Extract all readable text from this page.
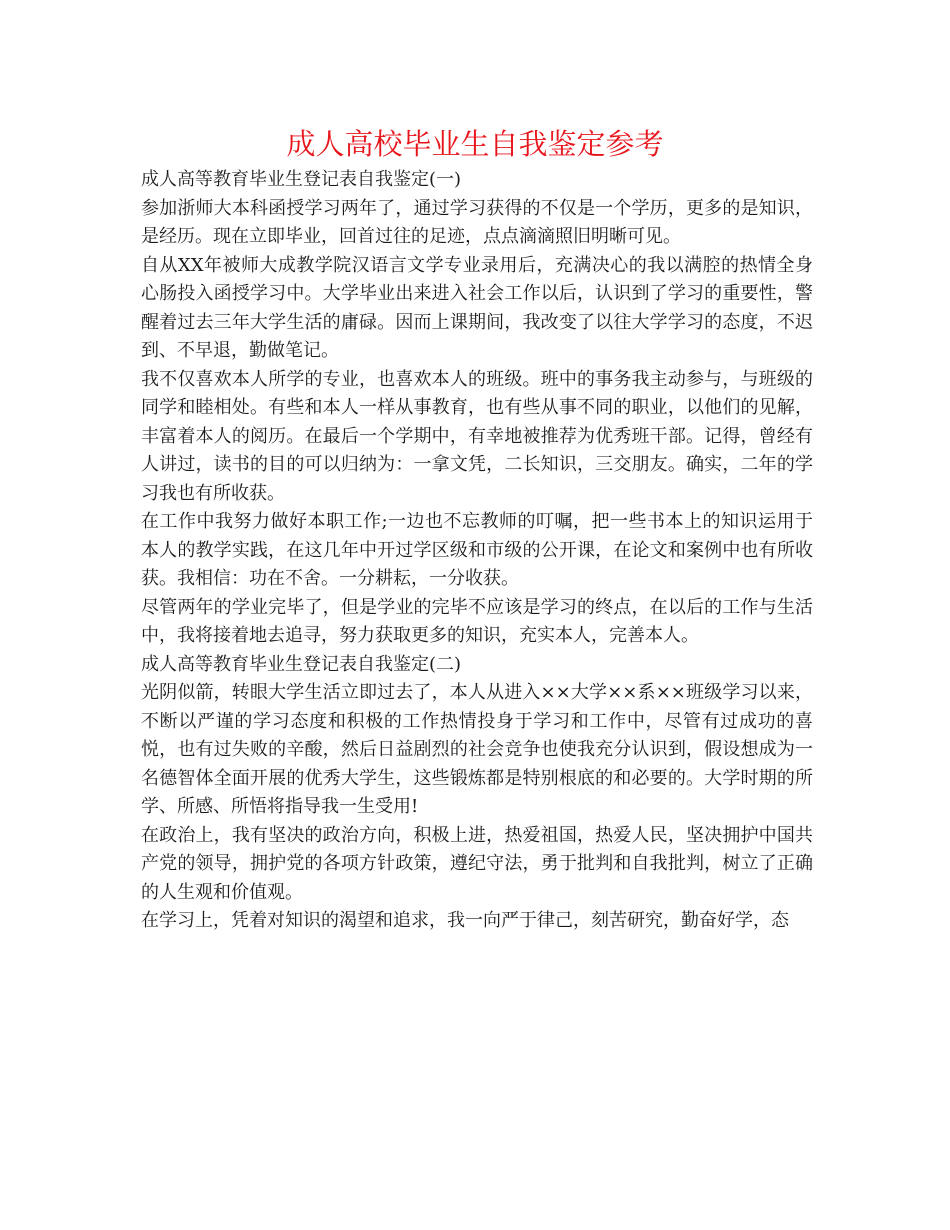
成人高校毕业生自我鉴定参考

成人高等教育毕业生登记表自我鉴定(一)

参加浙师大本科函授学习两年了，通过学习获得的不仅是一个学历，更多的是知识，是经历。现在立即毕业，回首过往的足迹，点点滴滴照旧明晰可见。

自从XX年被师大成教学院汉语言文学专业录用后，充满决心的我以满腔的热情全身心肠投入函授学习中。大学毕业出来进入社会工作以后，认识到了学习的重要性，警醒着过去三年大学生活的庸碌。因而上课期间，我改变了以往大学学习的态度，不迟到、不早退，勤做笔记。

我不仅喜欢本人所学的专业，也喜欢本人的班级。班中的事务我主动参与，与班级的同学和睦相处。有些和本人一样从事教育，也有些从事不同的职业，以他们的见解，丰富着本人的阅历。在最后一个学期中，有幸地被推荐为优秀班干部。记得，曾经有人讲过，读书的目的可以归纳为：一拿文凭，二长知识，三交朋友。确实，二年的学习我也有所收获。

在工作中我努力做好本职工作;一边也不忘教师的叮嘱，把一些书本上的知识运用于本人的教学实践，在这几年中开过学区级和市级的公开课，在论文和案例中也有所收获。我相信：功在不舍。一分耕耘，一分收获。

尽管两年的学业完毕了，但是学业的完毕不应该是学习的终点，在以后的工作与生活中，我将接着地去追寻，努力获取更多的知识，充实本人，完善本人。

成人高等教育毕业生登记表自我鉴定(二)

光阴似箭，转眼大学生活立即过去了，本人从进入××大学××系××班级学习以来，不断以严谨的学习态度和积极的工作热情投身于学习和工作中，尽管有过成功的喜悦，也有过失败的辛酸，然后日益剧烈的社会竞争也使我充分认识到，假设想成为一名德智体全面开展的优秀大学生，这些锻炼都是特别根底的和必要的。大学时期的所学、所感、所悟将指导我一生受用!

在政治上，我有坚决的政治方向，积极上进，热爱祖国，热爱人民，坚决拥护中国共产党的领导，拥护党的各项方针政策，遵纪守法，勇于批判和自我批判，树立了正确的人生观和价值观。

在学习上，凭着对知识的渴望和追求，我一向严于律己，刻苦研究，勤奋好学，态
